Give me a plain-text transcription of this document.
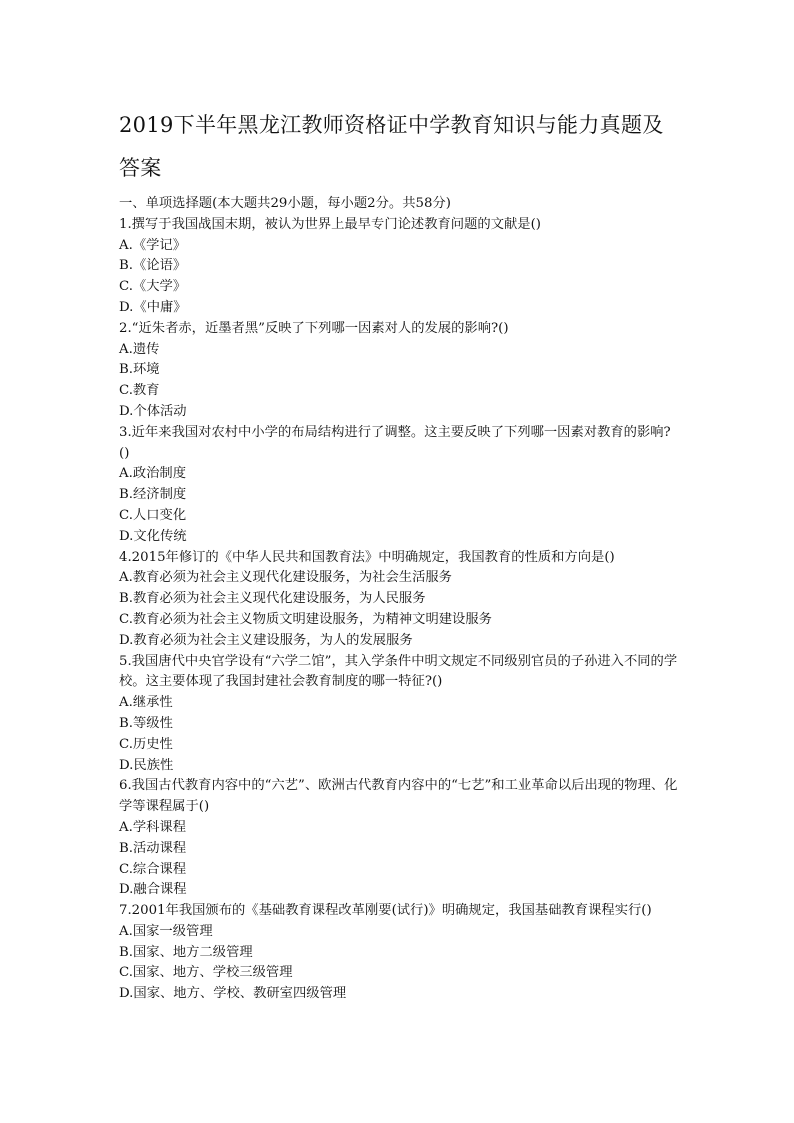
2019下半年黑龙江教师资格证中学教育知识与能力真题及答案
一、单项选择题(本大题共29小题，每小题2分。共58分)
1.撰写于我国战国末期，被认为世界上最早专门论述教育问题的文献是()
A.《学记》
B.《论语》
C.《大学》
D.《中庸》
2.“近朱者赤，近墨者黑”反映了下列哪一因素对人的发展的影响?()
A.遗传
B.环境
C.教育
D.个体活动
3.近年来我国对农村中小学的布局结构进行了调整。这主要反映了下列哪一因素对教育的影响?()
A.政治制度
B.经济制度
C.人口变化
D.文化传统
4.2015年修订的《中华人民共和国教育法》中明确规定，我国教育的性质和方向是()
A.教育必须为社会主义现代化建设服务，为社会生活服务
B.教育必须为社会主义现代化建设服务，为人民服务
C.教育必须为社会主义物质文明建设服务，为精神文明建设服务
D.教育必须为社会主义建设服务，为人的发展服务
5.我国唐代中央官学设有“六学二馆”，其入学条件中明文规定不同级别官员的子孙进入不同的学校。这主要体现了我国封建社会教育制度的哪一特征?()
A.继承性
B.等级性
C.历史性
D.民族性
6.我国古代教育内容中的“六艺”、欧洲古代教育内容中的“七艺”和工业革命以后出现的物理、化学等课程属于()
A.学科课程
B.活动课程
C.综合课程
D.融合课程
7.2001年我国颁布的《基础教育课程改革刚要(试行)》明确规定，我国基础教育课程实行()
A.国家一级管理
B.国家、地方二级管理
C.国家、地方、学校三级管理
D.国家、地方、学校、教研室四级管理
